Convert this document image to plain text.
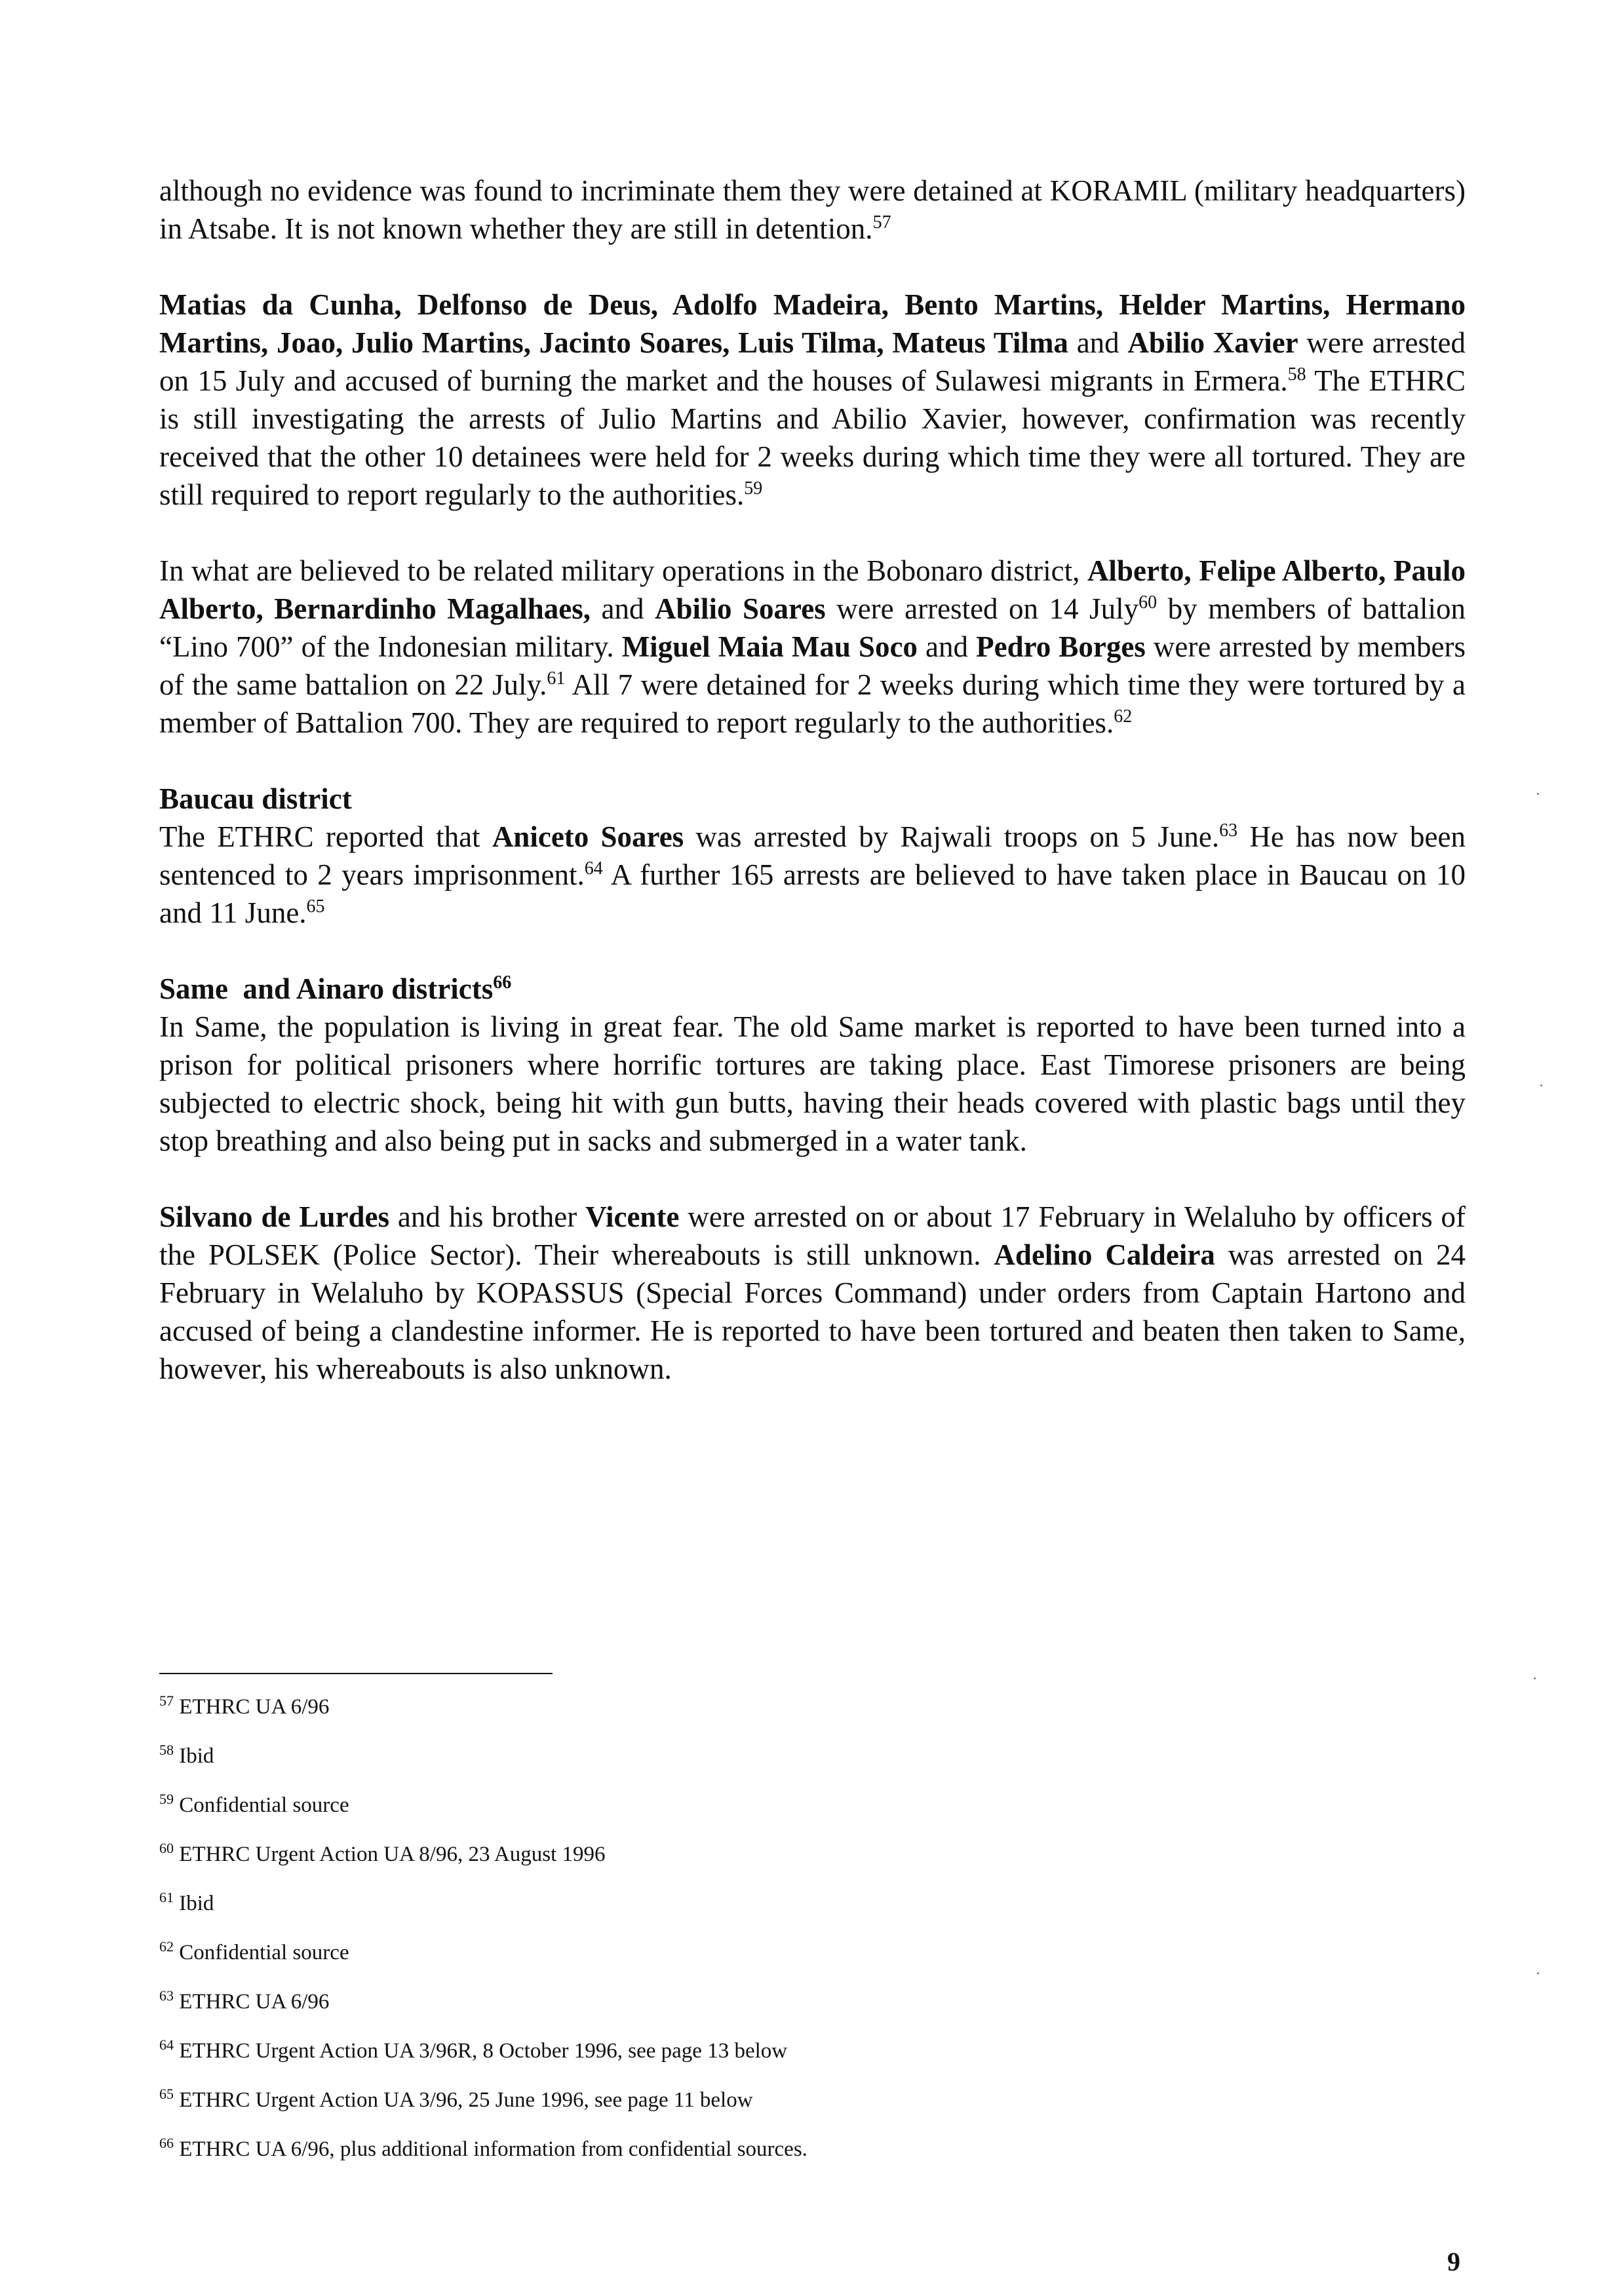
although no evidence was found to incriminate them they were detained at KORAMIL (military headquarters) in Atsabe. It is not known whether they are still in detention.$^{57}$

Matias da Cunha, Delfonso de Deus, Adolfo Madeira, Bento Martins, Helder Martins, Hermano Martins, Joao, Julio Martins, Jacinto Soares, Luis Tilma, Mateus Tilma and Abilio Xavier were arrested on 15 July and accused of burning the market and the houses of Sulawesi migrants in Ermera.$^{58}$ The ETHRC is still investigating the arrests of Julio Martins and Abilio Xavier, however, confirmation was recently received that the other 10 detainees were held for 2 weeks during which time they were all tortured. They are still required to report regularly to the authorities.$^{59}$

In what are believed to be related military operations in the Bobonaro district, Alberto, Felipe Alberto, Paulo Alberto, Bernardinho Magalhaes, and Abilio Soares were arrested on 14 July$^{60}$ by members of battalion “Lino 700” of the Indonesian military. Miguel Maia Mau Soco and Pedro Borges were arrested by members of the same battalion on 22 July.$^{61}$ All 7 were detained for 2 weeks during which time they were tortured by a member of Battalion 700. They are required to report regularly to the authorities.$^{62}$

Baucau district

The ETHRC reported that Aniceto Soares was arrested by Rajwali troops on 5 June.$^{63}$ He has now been sentenced to 2 years imprisonment.$^{64}$ A further 165 arrests are believed to have taken place in Baucau on 10 and 11 June.$^{65}$

Same  and Ainaro districts$^{66}$

In Same, the population is living in great fear. The old Same market is reported to have been turned into a prison for political prisoners where horrific tortures are taking place. East Timorese prisoners are being subjected to electric shock, being hit with gun butts, having their heads covered with plastic bags until they stop breathing and also being put in sacks and submerged in a water tank.

Silvano de Lurdes and his brother Vicente were arrested on or about 17 February in Welaluho by officers of the POLSEK (Police Sector). Their whereabouts is still unknown. Adelino Caldeira was arrested on 24 February in Welaluho by KOPASSUS (Special Forces Command) under orders from Captain Hartono and accused of being a clandestine informer. He is reported to have been tortured and beaten then taken to Same, however, his whereabouts is also unknown.

$^{57}$ ETHRC UA 6/96
$^{58}$ Ibid
$^{59}$ Confidential source
$^{60}$ ETHRC Urgent Action UA 8/96, 23 August 1996
$^{61}$ Ibid
$^{62}$ Confidential source
$^{63}$ ETHRC UA 6/96
$^{64}$ ETHRC Urgent Action UA 3/96R, 8 October 1996, see page 13 below
$^{65}$ ETHRC Urgent Action UA 3/96, 25 June 1996, see page 11 below
$^{66}$ ETHRC UA 6/96, plus additional information from confidential sources.
9
